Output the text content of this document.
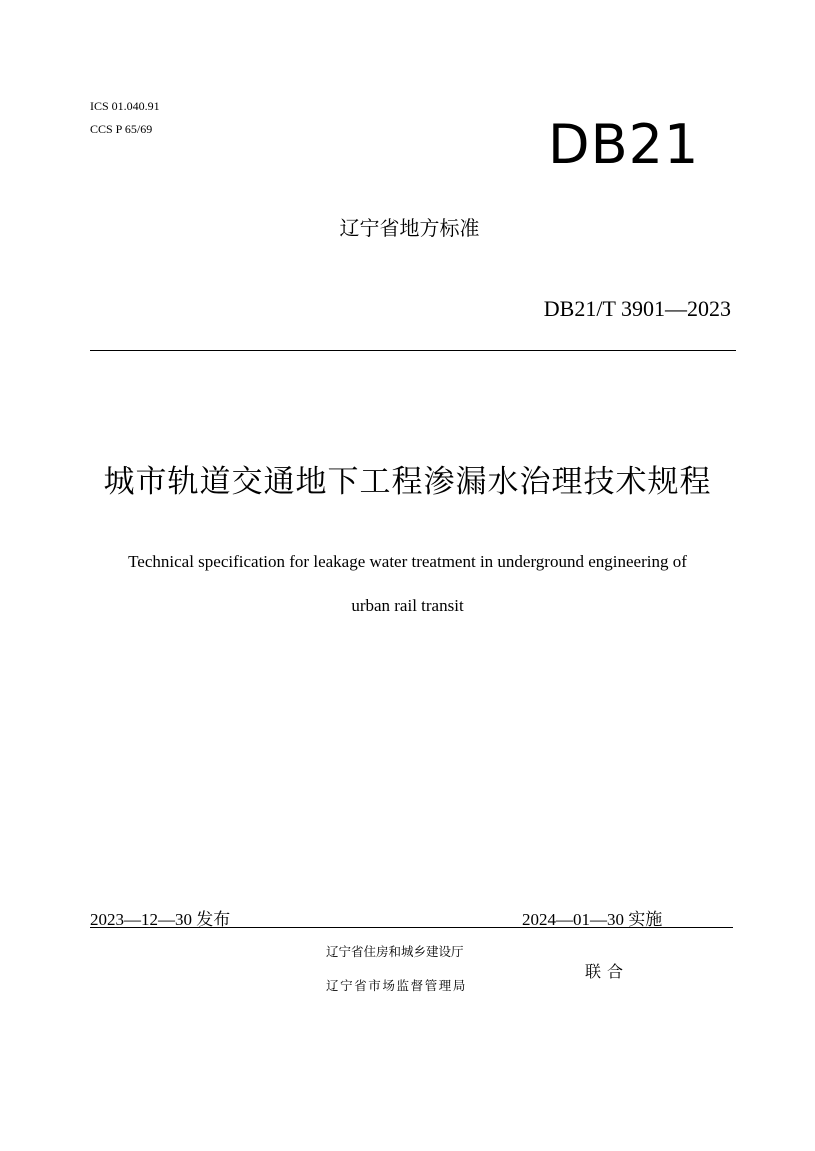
ICS 01.040.91
CCS P 65/69	DB21
辽宁省地方标准
DB21/T 3901—2023
城市轨道交通地下工程渗漏水治理技术规程
Technical specification for leakage water treatment in underground engineering of
urban rail transit
2023—12—30 发布	2024—01—30 实施
辽宁省住房和城乡建设厅
辽宁省市场监督管理局
联合
